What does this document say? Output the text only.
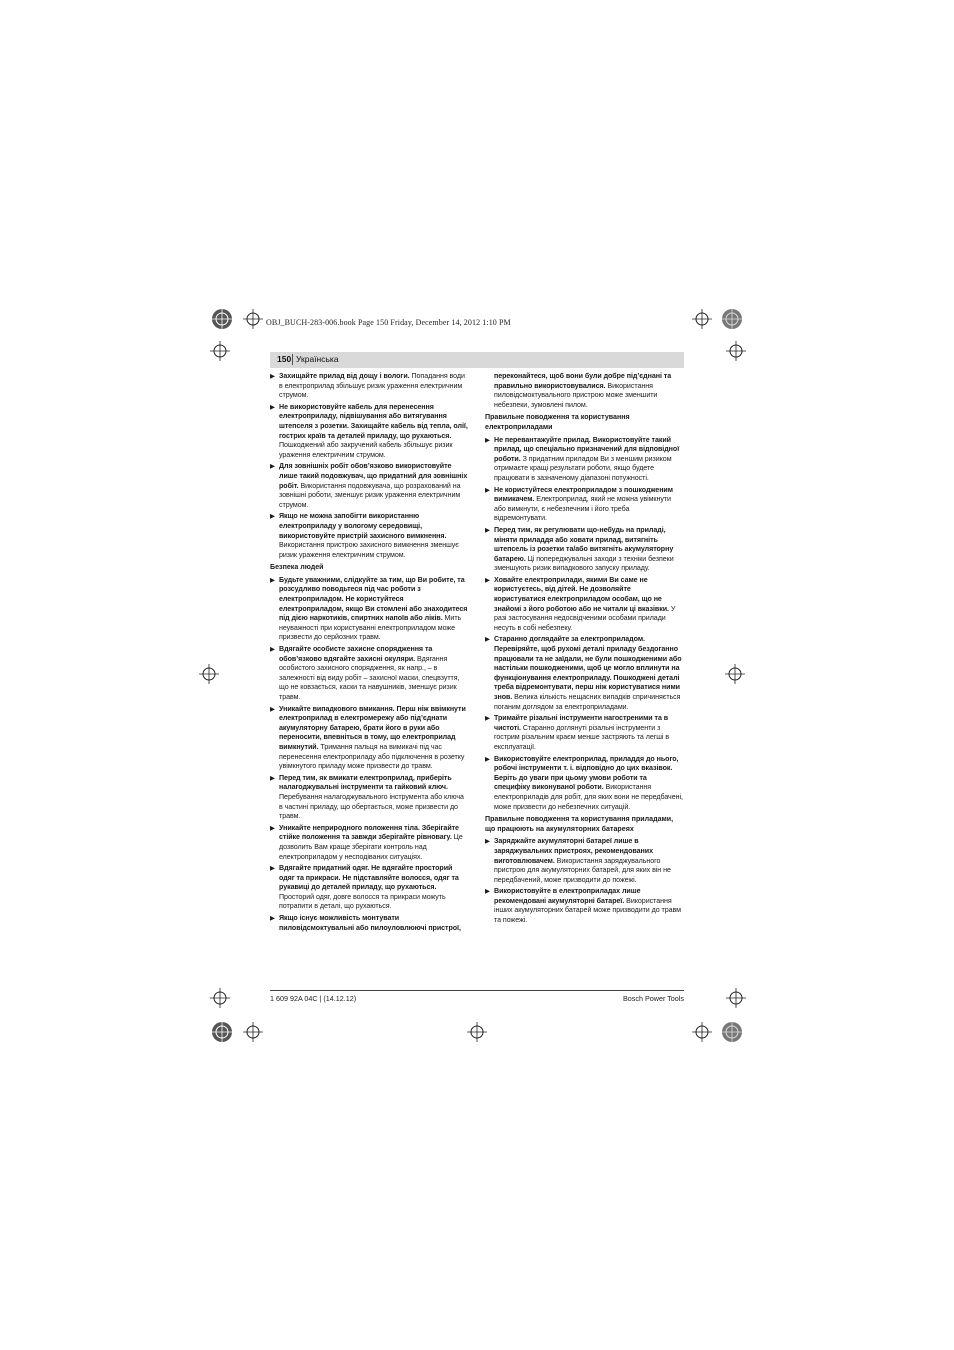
OBJ_BUCH-283-006.book Page 150 Friday, December 14, 2012 1:10 PM
150 Українська
▶ Захищайте прилад від дощу і вологи. Попадання води в електроприлад збільшує ризик ураження електричним струмом.
▶ Не використовуйте кабель для перенесення електроприладу, підвішування або витягування штепселя з розетки. Захищайте кабель від тепла, олії, гострих країв та деталей приладу, що рухаються. Пошкоджений або закручений кабель збільшує ризик ураження електричним струмом.
▶ Для зовнішніх робіт обов’язково використовуйте лише такий подовжувач, що придатний для зовнішніх робіт. Використання подовжувача, що розрахований на зовнішні роботи, зменшує ризик ураження електричним струмом.
▶ Якщо не можна запобігти використанню електроприладу у вологому середовищі, використовуйте пристрій захисного вимкнення. Використання пристрою захисного вимкнення зменшує ризик ураження електричним струмом.
Безпека людей
▶ Будьте уважними, слідкуйте за тим, що Ви робите, та розсудливо поводьтеся під час роботи з електроприладом. Не користуйтеся електроприладом, якщо Ви стомлені або знаходитеся під дією наркотиків, спиртних напоїв або ліків. Мить неуважності при користуванні електроприладом може призвести до серйозних травм.
▶ Вдягайте особисте захисне спорядження та обов’язково вдягайте захисні окуляри. Вдягання особистого захисного спорядження, як напр., – в залежності від виду робіт – захисної маски, спецвзуття, що не ковзається, каски та навушників, зменшує ризик травм.
▶ Уникайте випадкового вмикання. Перш ніж ввімкнути електроприлад в електромережу або під’єднати акумуляторну батарею, брати його в руки або переносити, впевніться в тому, що електроприлад вимкнутий. Тримання пальця на вимикачі під час перенесення електроприладу або підключення в розетку увімкнутого приладу може призвести до травм.
▶ Перед тим, як вмикати електроприлад, приберіть налагоджувальні інструменти та гайковий ключ. Перебування налагоджувального інструмента або ключа в частині приладу, що обертається, може призвести до травм.
▶ Уникайте неприродного положення тіла. Зберігайте стійке положення та завжди зберігайте рівновагу. Це дозволить Вам краще зберігати контроль над електроприладом у несподіваних ситуаціях.
▶ Вдягайте придатний одяг. Не вдягайте просторий одяг та прикраси. Не підставляйте волосся, одяг та рукавиці до деталей приладу, що рухаються. Просторий одяг, довге волосся та прикраси можуть потрапити в деталі, що рухаються.
▶ Якщо існує можливість монтувати пиловідсмоктувальні або пилоуловлюючі пристрої,
переконайтеся, щоб вони були добре під’єднані та правильно використовувалися. Використання пиловідсмоктувального пристрою може зменшити небезпеки, зумовлені пилом.
Правильне поводження та користування електроприладами
▶ Не перевантажуйте прилад. Використовуйте такий прилад, що спеціально призначений для відповідної роботи. З придатним приладом Ви з меншим ризиком отримаєте кращі результати роботи, якщо будете працювати в зазначеному діапазоні потужності.
▶ Не користуйтеся електроприладом з пошкодженим вимикачем. Електроприлад, який не можна увімкнути або вимкнути, є небезпечним і його треба відремонтувати.
▶ Перед тим, як регулювати що-небудь на приладі, міняти приладдя або ховати прилад, витягніть штепсель із розетки та/або витягніть акумуляторну батарею. Ці попереджувальні заходи з техніки безпеки зменшують ризик випадкового запуску приладу.
▶ Ховайте електроприлади, якими Ви саме не користуєтесь, від дітей. Не дозволяйте користуватися електроприладом особам, що не знайомі з його роботою або не читали ці вказівки. У разі застосування недосвідченими особами прилади несуть в собі небезпеку.
▶ Старанно доглядайте за електроприладом. Перевіряйте, щоб рухомі деталі приладу бездоганно працювали та не заїдали, не були пошкодженими або настільки пошкодженими, щоб це могло вплинути на функціонування електроприладу. Пошкоджені деталі треба відремонтувати, перш ніж користуватися ними знов. Велика кількість нещасних випадків спричиняється поганим доглядом за електроприладами.
▶ Тримайте різальні інструменти нагостреними та в чистоті. Старанно доглянуті різальні інструменти з гострим різальним краєм менше застряють та легші в експлуатації.
▶ Використовуйте електроприлад, приладдя до нього, робочі інструменти т. і. відповідно до цих вказівок. Беріть до уваги при цьому умови роботи та специфіку виконуваної роботи. Використання електроприладів для робіт, для яких вони не передбачені, може призвести до небезпечних ситуацій.
Правильне поводження та користування приладами, що працюють на акумуляторних батареях
▶ Заряджайте акумуляторні батареї лише в заряджувальних пристроях, рекомендованих виготовлювачем. Використання заряджувального пристрою для акумуляторних батарей, для яких він не передбачений, може призводити до пожежі.
▶ Використовуйте в електроприладах лише рекомендовані акумуляторні батареї. Використання інших акумуляторних батарей може призводити до травм та пожежі.
1 609 92A 04C | (14.12.12)	Bosch Power Tools
